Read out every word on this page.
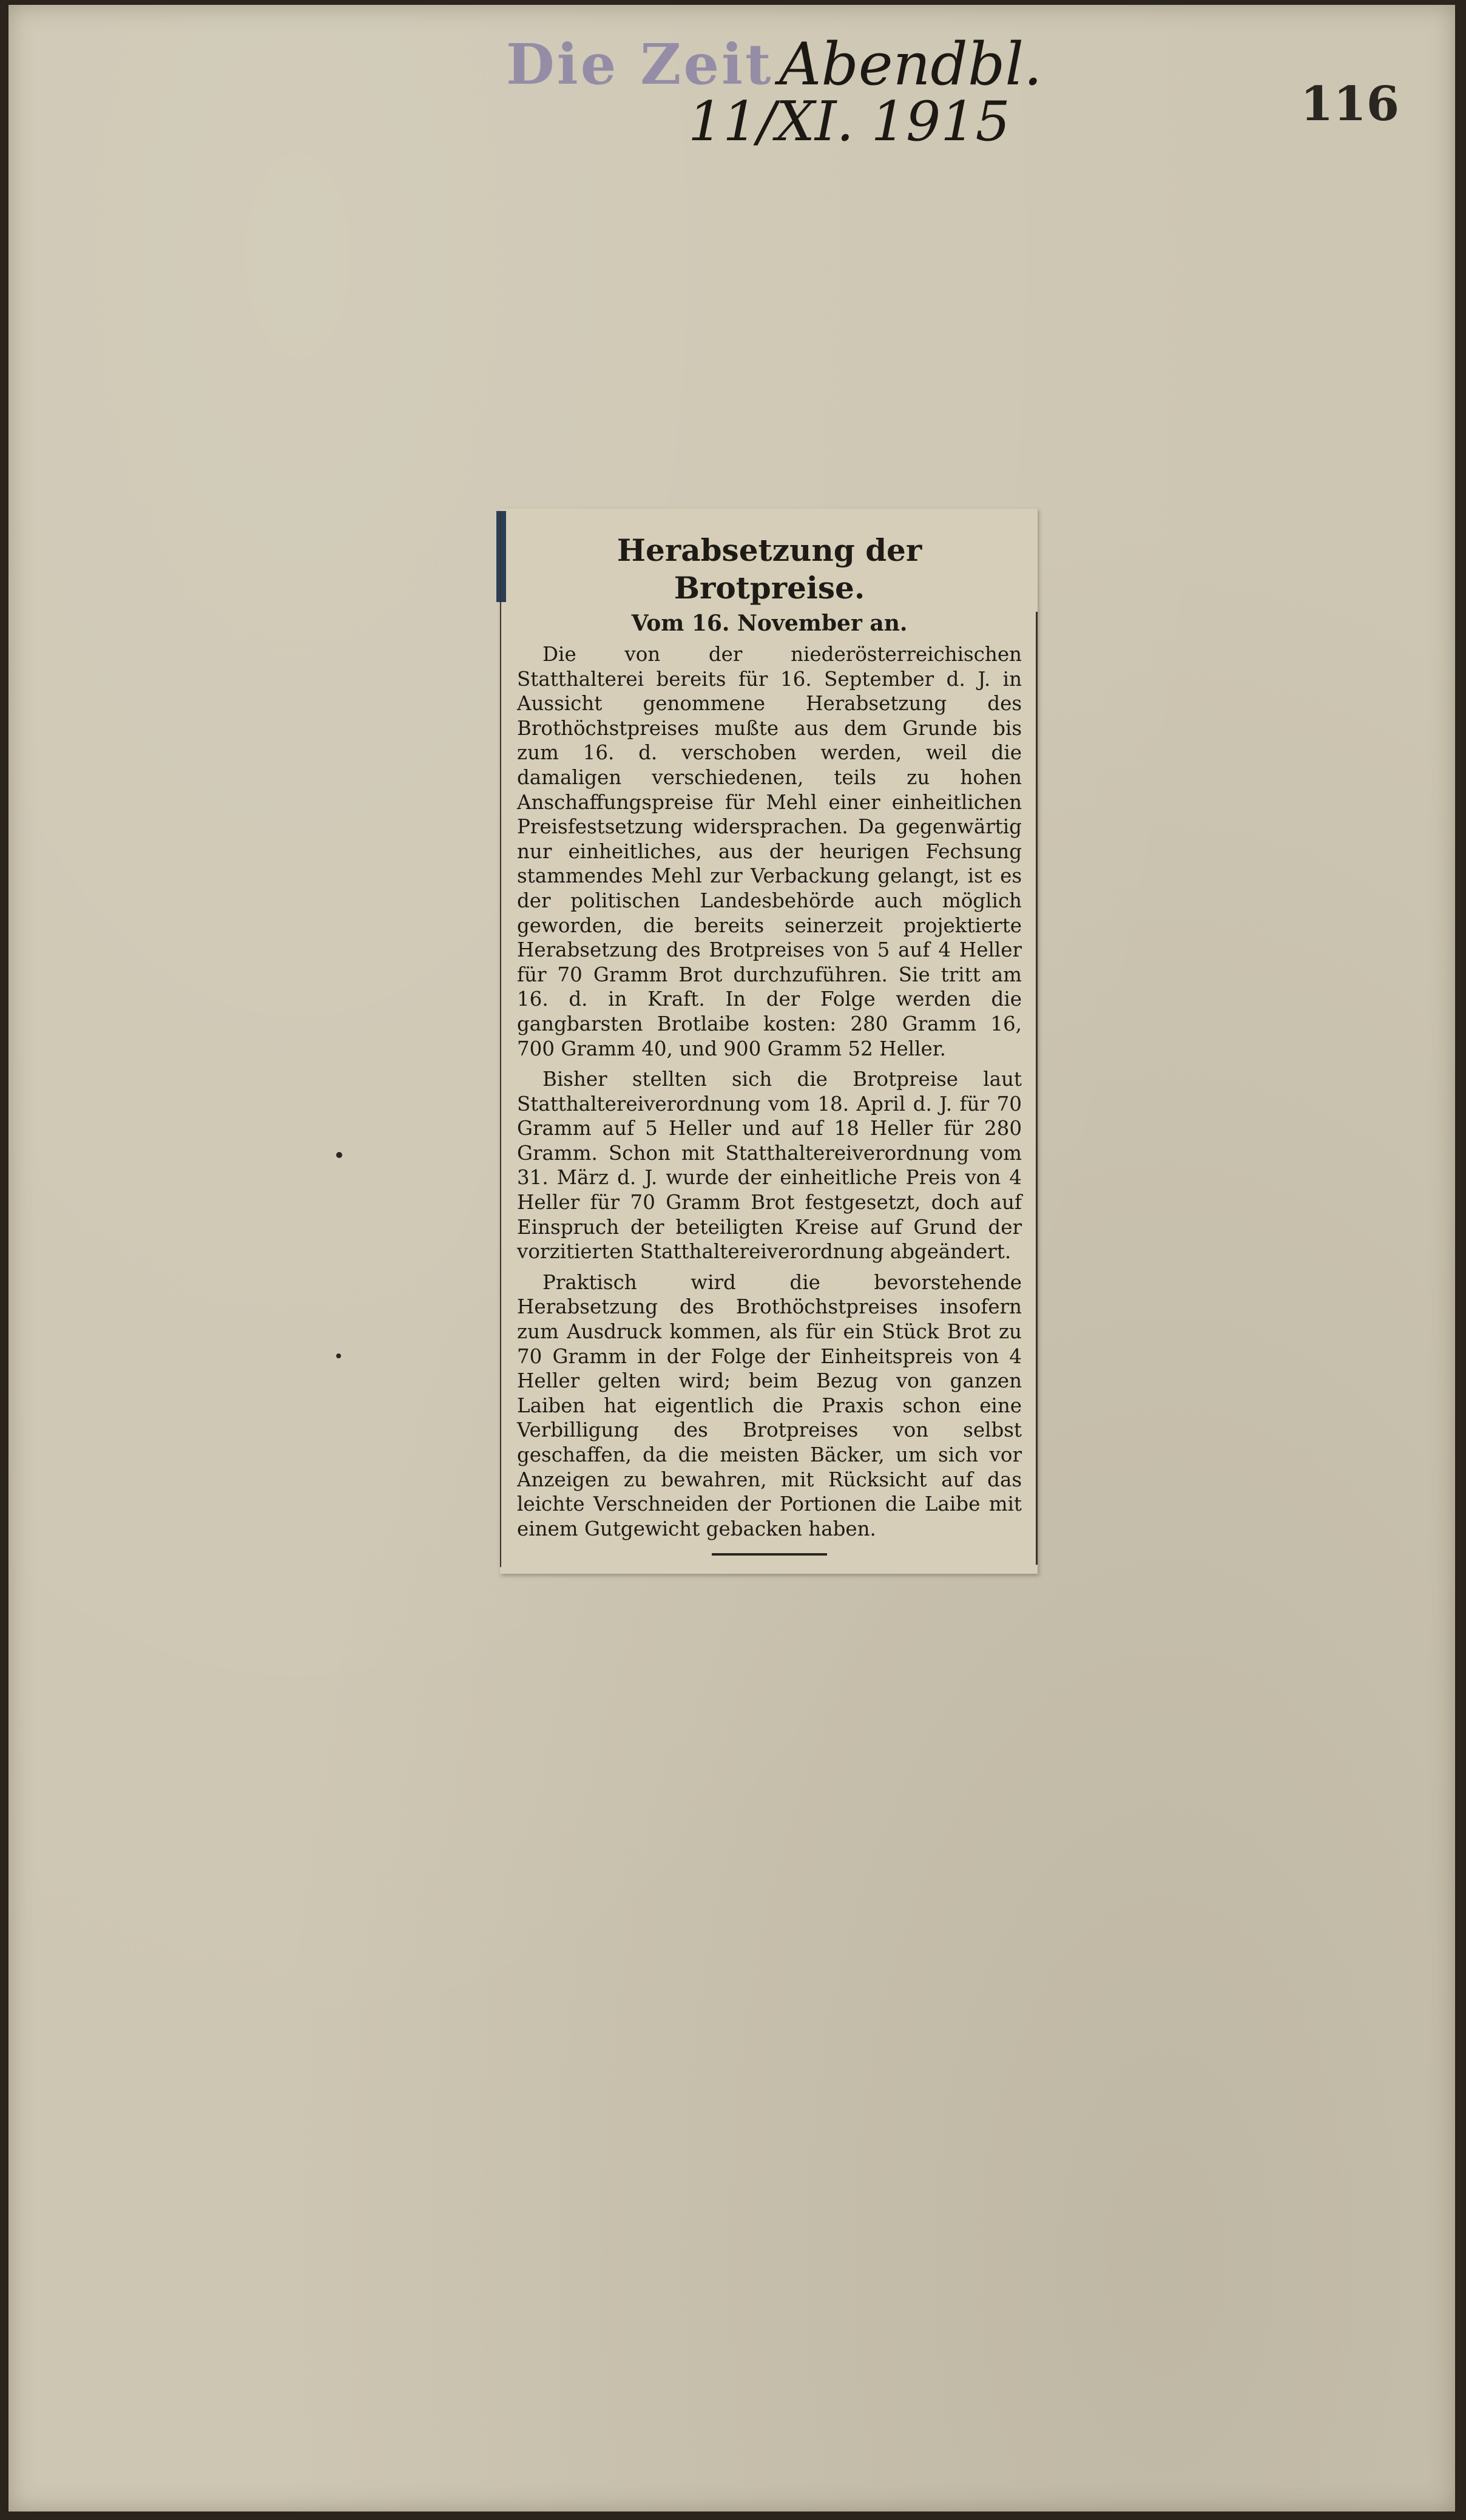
Die Zeit Abendbl.
11/XI. 1915	116
Herabsetzung der Brotpreise.
Vom 16. November an.

Die von der niederösterreichischen Statthalterei bereits für 16. September d. J. in Aussicht genommene Herabsetzung des Brothöchstpreises mußte aus dem Grunde bis zum 16. d. verschoben werden, weil die damaligen verschiedenen, teils zu hohen Anschaffungspreise für Mehl einer einheitlichen Preisfestsetzung widersprachen. Da gegenwärtig nur einheitliches, aus der heurigen Fechsung stammendes Mehl zur Verbackung gelangt, ist es der politischen Landesbehörde auch möglich geworden, die bereits seinerzeit projektierte Herabsetzung des Brotpreises von 5 auf 4 Heller für 70 Gramm Brot durchzuführen. Sie tritt am 16. d. in Kraft. In der Folge werden die gangbarsten Brotlaibe kosten: 280 Gramm 16, 700 Gramm 40, und 900 Gramm 52 Heller.

Bisher stellten sich die Brotpreise laut Statthaltereiverordnung vom 18. April d. J. für 70 Gramm auf 5 Heller und auf 18 Heller für 280 Gramm. Schon mit Statthaltereiverordnung vom 31. März d. J. wurde der einheitliche Preis von 4 Heller für 70 Gramm Brot festgesetzt, doch auf Einspruch der beteiligten Kreise auf Grund der vorzitierten Statthaltereiverordnung abgeändert.

Praktisch wird die bevorstehende Herabsetzung des Brothöchstpreises insofern zum Ausdruck kommen, als für ein Stück Brot zu 70 Gramm in der Folge der Einheitspreis von 4 Heller gelten wird; beim Bezug von ganzen Laiben hat eigentlich die Praxis schon eine Verbilligung des Brotpreises von selbst geschaffen, da die meisten Bäcker, um sich vor Anzeigen zu bewahren, mit Rücksicht auf das leichte Verschneiden der Portionen die Laibe mit einem Gutgewicht gebacken haben.
